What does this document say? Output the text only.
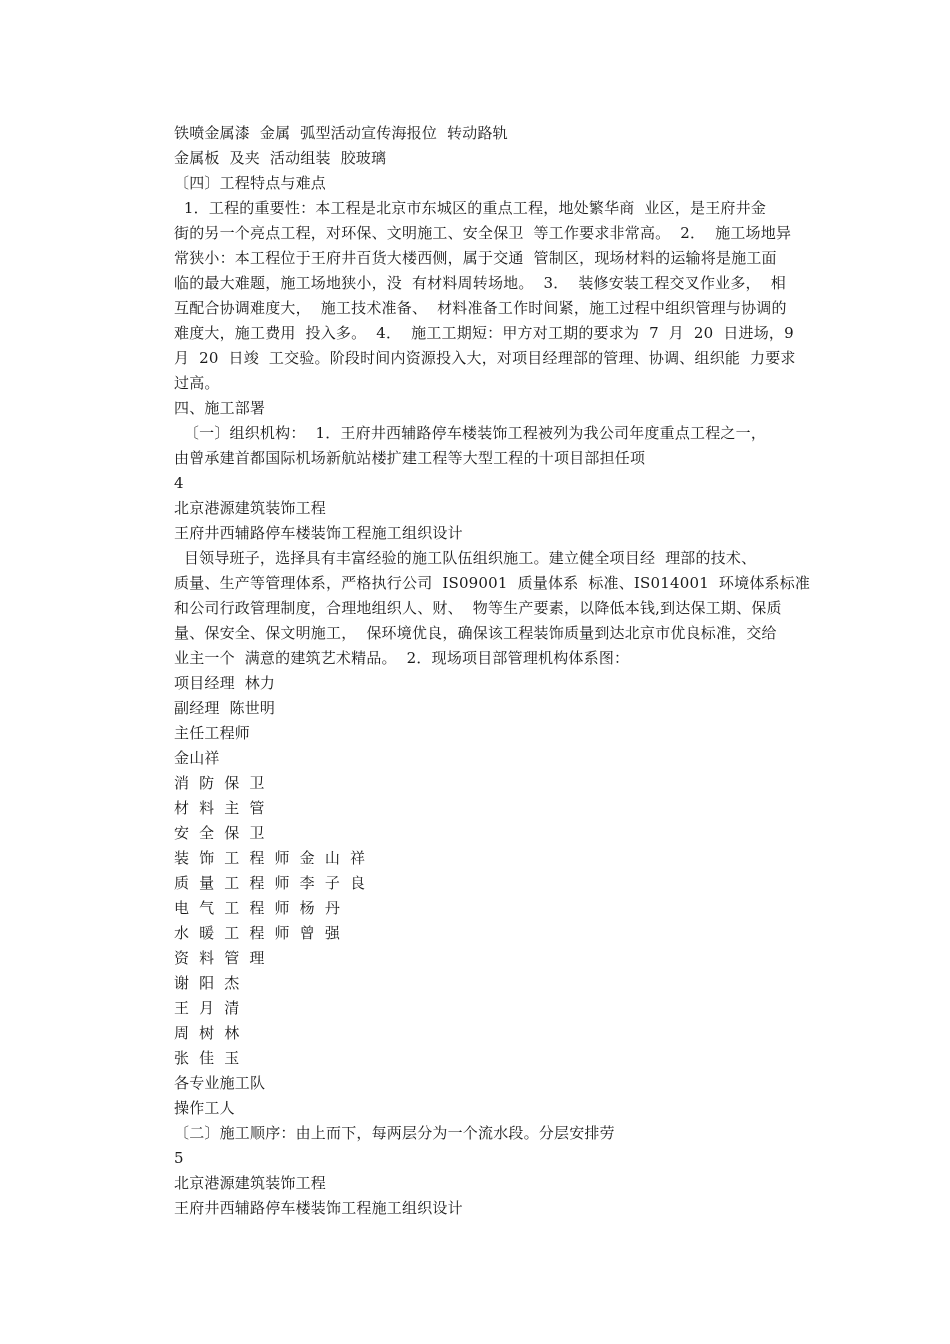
铁喷金属漆  金属  弧型活动宣传海报位  转动路轨
金属板  及夹  活动组装  胶玻璃
〔四〕工程特点与难点
1．工程的重要性：本工程是北京市东城区的重点工程，地处繁华商  业区，是王府井金
街的另一个亮点工程，对环保、文明施工、安全保卫  等工作要求非常高。  2．  施工场地异
常狭小：本工程位于王府井百货大楼西侧，属于交通  管制区，现场材料的运输将是施工面
临的最大难题，施工场地狭小，没  有材料周转场地。  3．  装修安装工程交叉作业多，  相
互配合协调难度大，  施工技术准备、  材料准备工作时间紧，施工过程中组织管理与协调的
难度大，施工费用  投入多。  4．  施工工期短：甲方对工期的要求为  7  月  20  日进场，9
月  20  日竣  工交验。阶段时间内资源投入大，对项目经理部的管理、协调、组织能  力要求
过高。
四、施工部署
〔一〕组织机构：  1．王府井西辅路停车楼装饰工程被列为我公司年度重点工程之一，
由曾承建首都国际机场新航站楼扩建工程等大型工程的十项目部担任项
4
北京港源建筑装饰工程
王府井西辅路停车楼装饰工程施工组织设计
目领导班子，选择具有丰富经验的施工队伍组织施工。建立健全项目经  理部的技术、
质量、生产等管理体系，严格执行公司  IS09001  质量体系  标准、IS014001  环境体系标准
和公司行政管理制度，合理地组织人、财、  物等生产要素，以降低本钱,到达保工期、保质
量、保安全、保文明施工，  保环境优良，确保该工程装饰质量到达北京市优良标准，交给
业主一个  满意的建筑艺术精品。  2．现场项目部管理机构体系图：
项目经理  林力
副经理  陈世明
主任工程师
金山祥
消  防  保  卫
材  料  主  管
安  全  保  卫
装  饰  工  程  师  金  山  祥
质  量  工  程  师  李  子  良
电  气  工  程  师  杨  丹
水  暖  工  程  师  曾  强
资  料  管  理
谢  阳  杰
王  月  清
周  树  林
张  佳  玉
各专业施工队
操作工人
〔二〕施工顺序：由上而下，每两层分为一个流水段。分层安排劳
5
北京港源建筑装饰工程
王府井西辅路停车楼装饰工程施工组织设计
